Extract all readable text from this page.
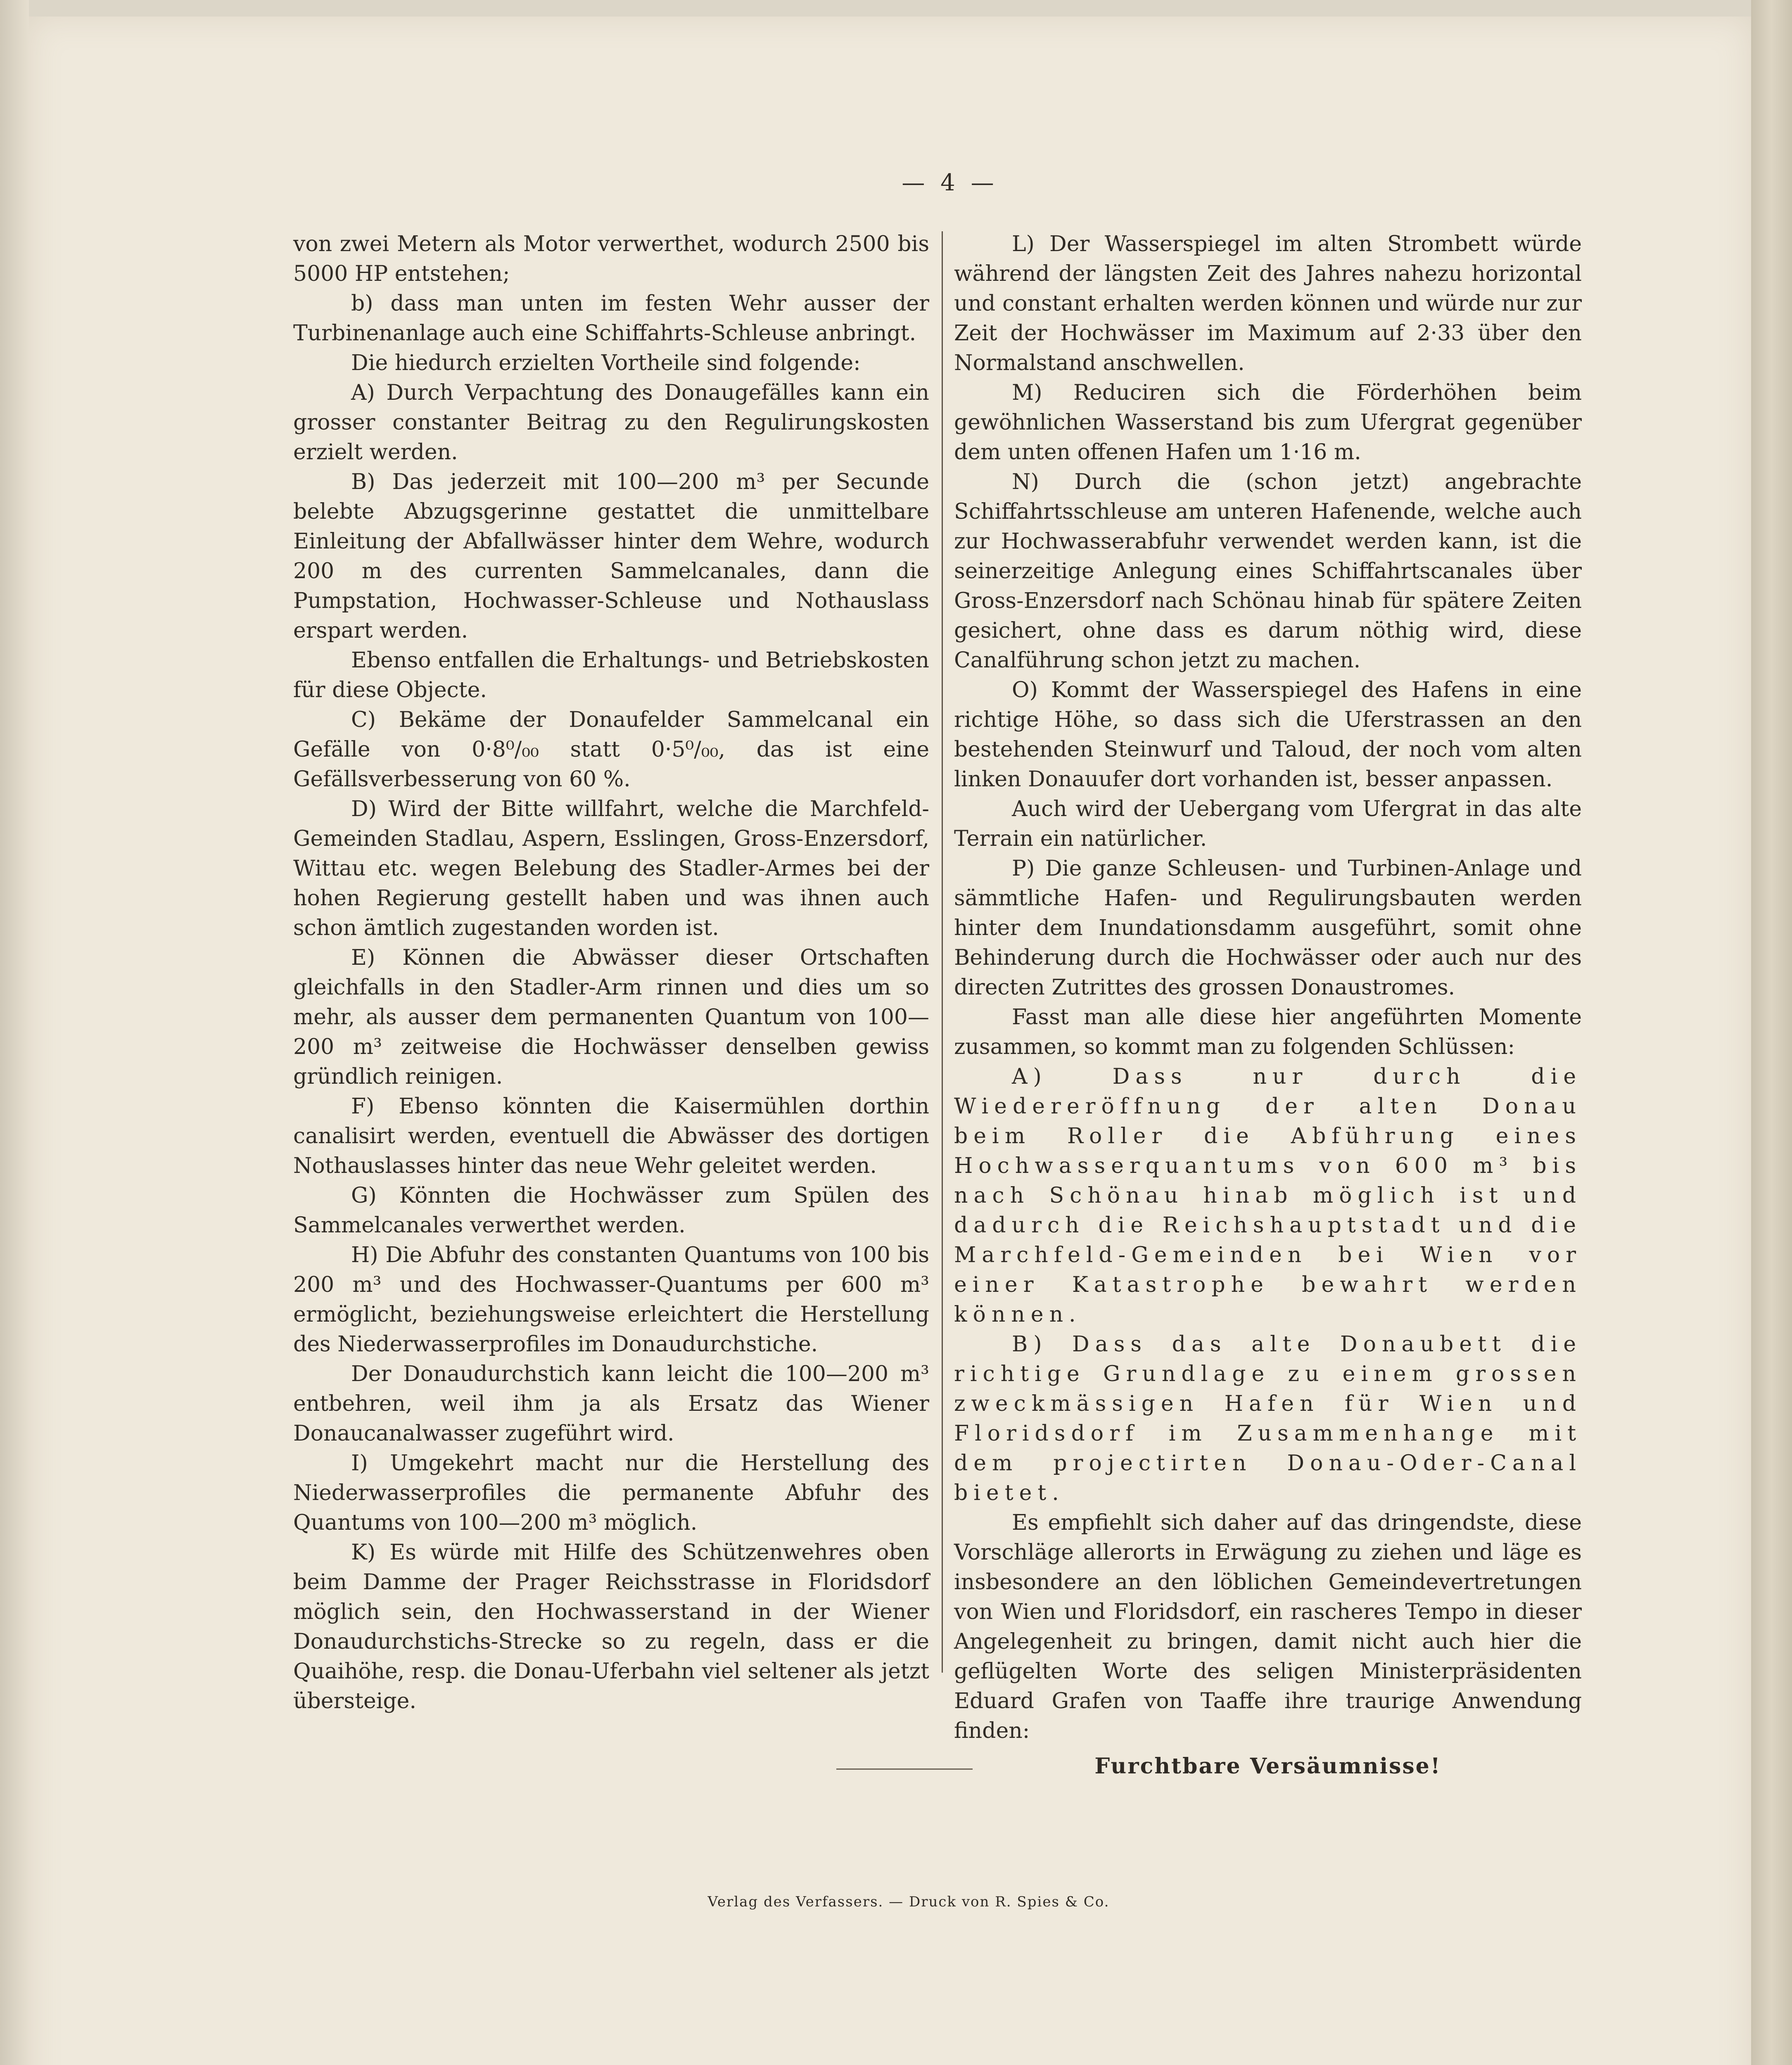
— 4 —

von zwei Metern als Motor verwerthet, wodurch 2500 bis 5000 HP entstehen;

b) dass man unten im festen Wehr ausser der Turbinenanlage auch eine Schiffahrts-Schleuse anbringt.

Die hiedurch erzielten Vortheile sind folgende:

A) Durch Verpachtung des Donaugefälles kann ein grosser constanter Beitrag zu den Regulirungskosten erzielt werden.

B) Das jederzeit mit 100—200 m³ per Secunde belebte Abzugsgerinne gestattet die unmittelbare Einleitung der Abfallwässer hinter dem Wehre, wodurch 200 m des currenten Sammelcanales, dann die Pumpstation, Hochwasser-Schleuse und Nothauslass erspart werden.

Ebenso entfallen die Erhaltungs- und Betriebskosten für diese Objecte.

C) Bekäme der Donaufelder Sammelcanal ein Gefälle von 0·8⁰/₀₀ statt 0·5⁰/₀₀, das ist eine Gefällsverbesserung von 60 %.

D) Wird der Bitte willfahrt, welche die Marchfeld-Gemeinden Stadlau, Aspern, Esslingen, Gross-Enzersdorf, Wittau etc. wegen Belebung des Stadler-Armes bei der hohen Regierung gestellt haben und was ihnen auch schon ämtlich zugestanden worden ist.

E) Können die Abwässer dieser Ortschaften gleichfalls in den Stadler-Arm rinnen und dies um so mehr, als ausser dem permanenten Quantum von 100—200 m³ zeitweise die Hochwässer denselben gewiss gründlich reinigen.

F) Ebenso könnten die Kaisermühlen dorthin canalisirt werden, eventuell die Abwässer des dortigen Nothauslasses hinter das neue Wehr geleitet werden.

G) Könnten die Hochwässer zum Spülen des Sammelcanales verwerthet werden.

H) Die Abfuhr des constanten Quantums von 100 bis 200 m³ und des Hochwasser-Quantums per 600 m³ ermöglicht, beziehungsweise erleichtert die Herstellung des Niederwasserprofiles im Donaudurchstiche.

Der Donaudurchstich kann leicht die 100—200 m³ entbehren, weil ihm ja als Ersatz das Wiener Donaucanalwasser zugeführt wird.

I) Umgekehrt macht nur die Herstellung des Niederwasserprofiles die permanente Abfuhr des Quantums von 100—200 m³ möglich.

K) Es würde mit Hilfe des Schützenwehres oben beim Damme der Prager Reichsstrasse in Floridsdorf möglich sein, den Hochwasserstand in der Wiener Donaudurchstichs-Strecke so zu regeln, dass er die Quaihöhe, resp. die Donau-Uferbahn viel seltener als jetzt übersteige.

L) Der Wasserspiegel im alten Strombett würde während der längsten Zeit des Jahres nahezu horizontal und constant erhalten werden können und würde nur zur Zeit der Hochwässer im Maximum auf 2·33 über den Normalstand anschwellen.

M) Reduciren sich die Förderhöhen beim gewöhnlichen Wasserstand bis zum Ufergrat gegenüber dem unten offenen Hafen um 1·16 m.

N) Durch die (schon jetzt) angebrachte Schiffahrtsschleuse am unteren Hafenende, welche auch zur Hochwasserabfuhr verwendet werden kann, ist die seinerzeitige Anlegung eines Schiffahrtscanales über Gross-Enzersdorf nach Schönau hinab für spätere Zeiten gesichert, ohne dass es darum nöthig wird, diese Canalführung schon jetzt zu machen.

O) Kommt der Wasserspiegel des Hafens in eine richtige Höhe, so dass sich die Uferstrassen an den bestehenden Steinwurf und Taloud, der noch vom alten linken Donauufer dort vorhanden ist, besser anpassen.

Auch wird der Uebergang vom Ufergrat in das alte Terrain ein natürlicher.

P) Die ganze Schleusen- und Turbinen-Anlage und sämmtliche Hafen- und Regulirungsbauten werden hinter dem Inundationsdamm ausgeführt, somit ohne Behinderung durch die Hochwässer oder auch nur des directen Zutrittes des grossen Donaustromes.

Fasst man alle diese hier angeführten Momente zusammen, so kommt man zu folgenden Schlüssen:

A) Dass nur durch die Wiedereröffnung der alten Donau beim Roller die Abführung eines Hochwasserquantums von 600 m³ bis nach Schönau hinab möglich ist und dadurch die Reichshauptstadt und die Marchfeld-Gemeinden bei Wien vor einer Katastrophe bewahrt werden können.

B) Dass das alte Donaubett die richtige Grundlage zu einem grossen zweckmässigen Hafen für Wien und Floridsdorf im Zusammenhange mit dem projectirten Donau-Oder-Canal bietet.

Es empfiehlt sich daher auf das dringendste, diese Vorschläge allerorts in Erwägung zu ziehen und läge es insbesondere an den löblichen Gemeindevertretungen von Wien und Floridsdorf, ein rascheres Tempo in dieser Angelegenheit zu bringen, damit nicht auch hier die geflügelten Worte des seligen Ministerpräsidenten Eduard Grafen von Taaffe ihre traurige Anwendung finden:

Furchtbare Versäumnisse!

Verlag des Verfassers. — Druck von R. Spies & Co.
